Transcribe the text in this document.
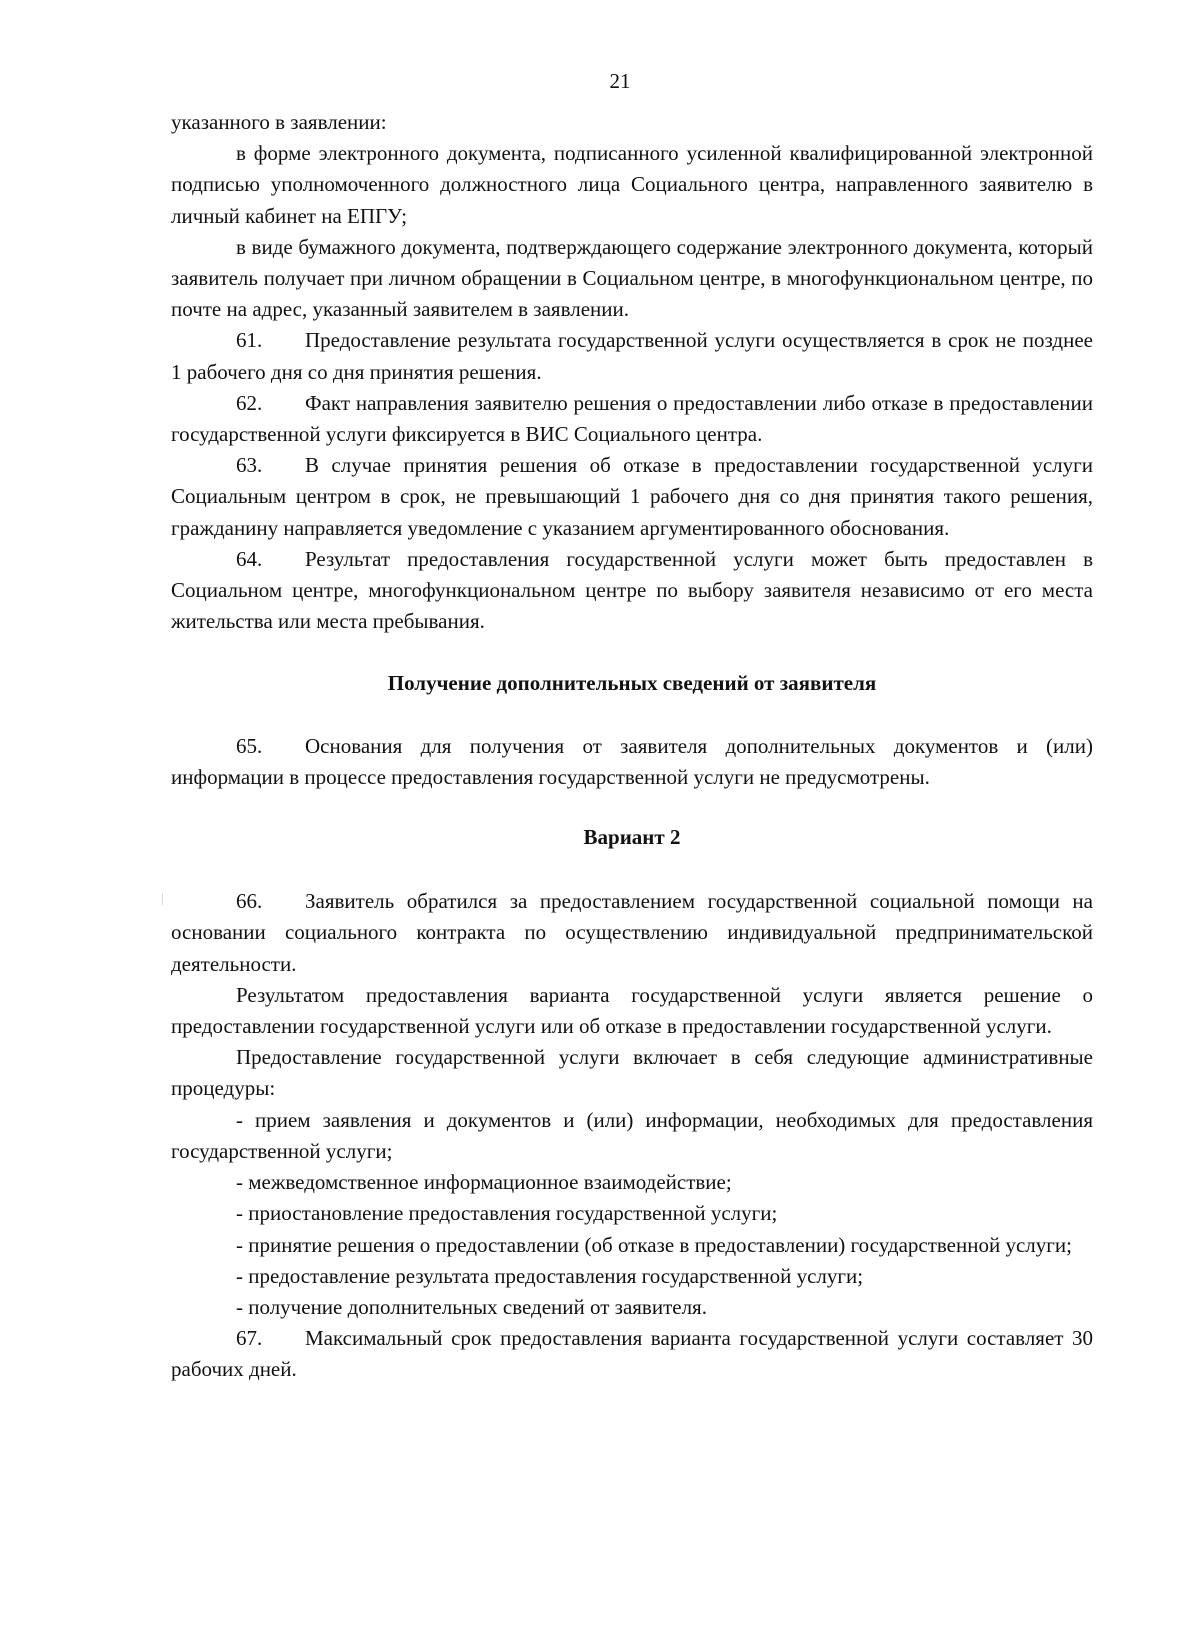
21

указанного в заявлении:

в форме электронного документа, подписанного усиленной квалифицированной электронной подписью уполномоченного должностного лица Социального центра, направленного заявителю в личный кабинет на ЕПГУ;

в виде бумажного документа, подтверждающего содержание электронного документа, который заявитель получает при личном обращении в Социальном центре, в многофункциональном центре, по почте на адрес, указанный заявителем в заявлении.

61. Предоставление результата государственной услуги осуществляется в срок не позднее 1 рабочего дня со дня принятия решения.

62. Факт направления заявителю решения о предоставлении либо отказе в предоставлении государственной услуги фиксируется в ВИС Социального центра.

63. В случае принятия решения об отказе в предоставлении государственной услуги Социальным центром в срок, не превышающий 1 рабочего дня со дня принятия такого решения, гражданину направляется уведомление с указанием аргументированного обоснования.

64. Результат предоставления государственной услуги может быть предоставлен в Социальном центре, многофункциональном центре по выбору заявителя независимо от его места жительства или места пребывания.

Получение дополнительных сведений от заявителя

65. Основания для получения от заявителя дополнительных документов и (или) информации в процессе предоставления государственной услуги не предусмотрены.

Вариант 2

66. Заявитель обратился за предоставлением государственной социальной помощи на основании социального контракта по осуществлению индивидуальной предпринимательской деятельности.

Результатом предоставления варианта государственной услуги является решение о предоставлении государственной услуги или об отказе в предоставлении государственной услуги.

Предоставление государственной услуги включает в себя следующие административные процедуры:

- прием заявления и документов и (или) информации, необходимых для предоставления государственной услуги;

- межведомственное информационное взаимодействие;

- приостановление предоставления государственной услуги;

- принятие решения о предоставлении (об отказе в предоставлении) государственной услуги;

- предоставление результата предоставления государственной услуги;

- получение дополнительных сведений от заявителя.

67. Максимальный срок предоставления варианта государственной услуги составляет 30 рабочих дней.
